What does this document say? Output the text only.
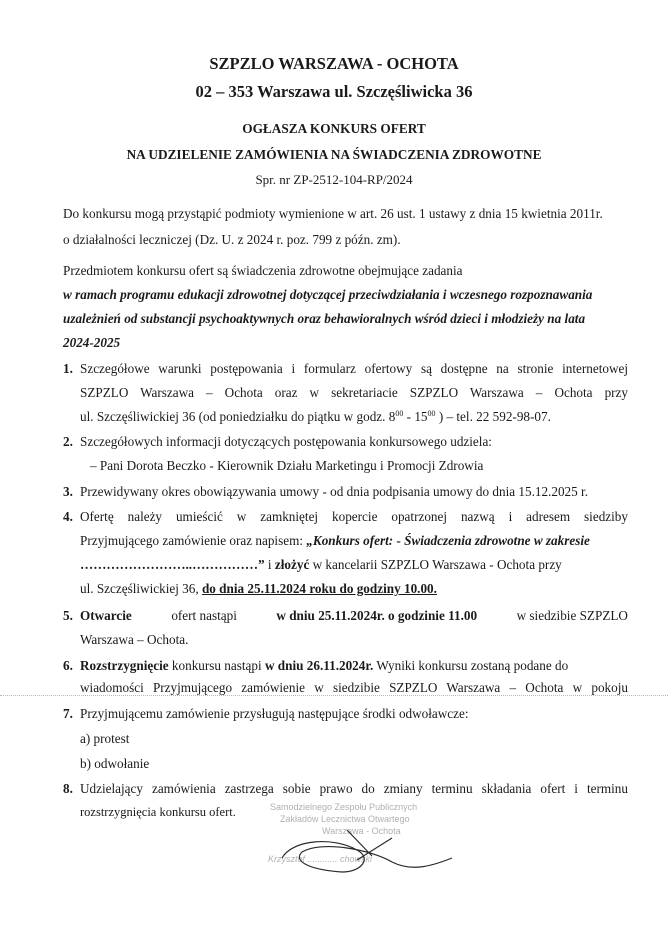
SZPZLO WARSZAWA - OCHOTA
02 – 353 Warszawa ul. Szczęśliwicka 36
OGŁASZA KONKURS OFERT
NA UDZIELENIE ZAMÓWIENIA NA ŚWIADCZENIA ZDROWOTNE
Spr. nr ZP-2512-104-RP/2024
Do konkursu mogą przystąpić podmioty wymienione w art. 26 ust. 1 ustawy z dnia 15 kwietnia 2011r.
o działalności leczniczej (Dz. U. z 2024 r. poz. 799 z późn. zm).
Przedmiotem konkursu ofert są świadczenia zdrowotne obejmujące zadania
w ramach programu edukacji zdrowotnej dotyczącej przeciwdziałania i wczesnego rozpoznawania
uzależnień od substancji psychoaktywnych oraz behawioralnych wśród dzieci i młodzieży na lata
2024-2025
1. Szczegółowe warunki postępowania i formularz ofertowy są dostępne na stronie internetowej
SZPZLO Warszawa – Ochota oraz w sekretariacie SZPZLO Warszawa – Ochota przy
ul. Szczęśliwickiej 36 (od poniedziałku do piątku w godz. $8^{00} - 15^{00}$ ) – tel. 22 592-98-07.
2. Szczegółowych informacji dotyczących postępowania konkursowego udziela:
– Pani Dorota Beczko - Kierownik Działu Marketingu i Promocji Zdrowia
3. Przewidywany okres obowiązywania umowy - od dnia podpisania umowy do dnia 15.12.2025 r.
4. Ofertę należy umieścić w zamkniętej kopercie opatrzonej nazwą i adresem siedziby
Przyjmującego zamówienie oraz napisem: „Konkurs ofert: - Świadczenia zdrowotne w zakresie
……………………..……………” i złożyć w kancelarii SZPZLO Warszawa - Ochota przy
ul. Szczęśliwickiej 36, do dnia 25.11.2024 roku do godziny 10.00.
5. Otwarcie	ofert nastąpi	w dniu 25.11.2024r. o godzinie 11.00	w siedzibie SZPZLO
Warszawa – Ochota.
6. Rozstrzygnięcie konkursu nastąpi w dniu 26.11.2024r. Wyniki konkursu zostaną podane do
wiadomości Przyjmującego zamówienie w siedzibie SZPZLO Warszawa – Ochota w pokoju
7. Przyjmującemu zamówienie przysługują następujące środki odwoławcze:
a) protest
b) odwołanie
8. Udzielający zamówienia zastrzega sobie prawo do zmiany terminu składania ofert i terminu
rozstrzygnięcia konkursu ofert.	Samodzielnego Zespołu Publicznych
Zakładów Lecznictwa Otwartego
Warszawa - Ochota
Krzysztof ............ chowski
